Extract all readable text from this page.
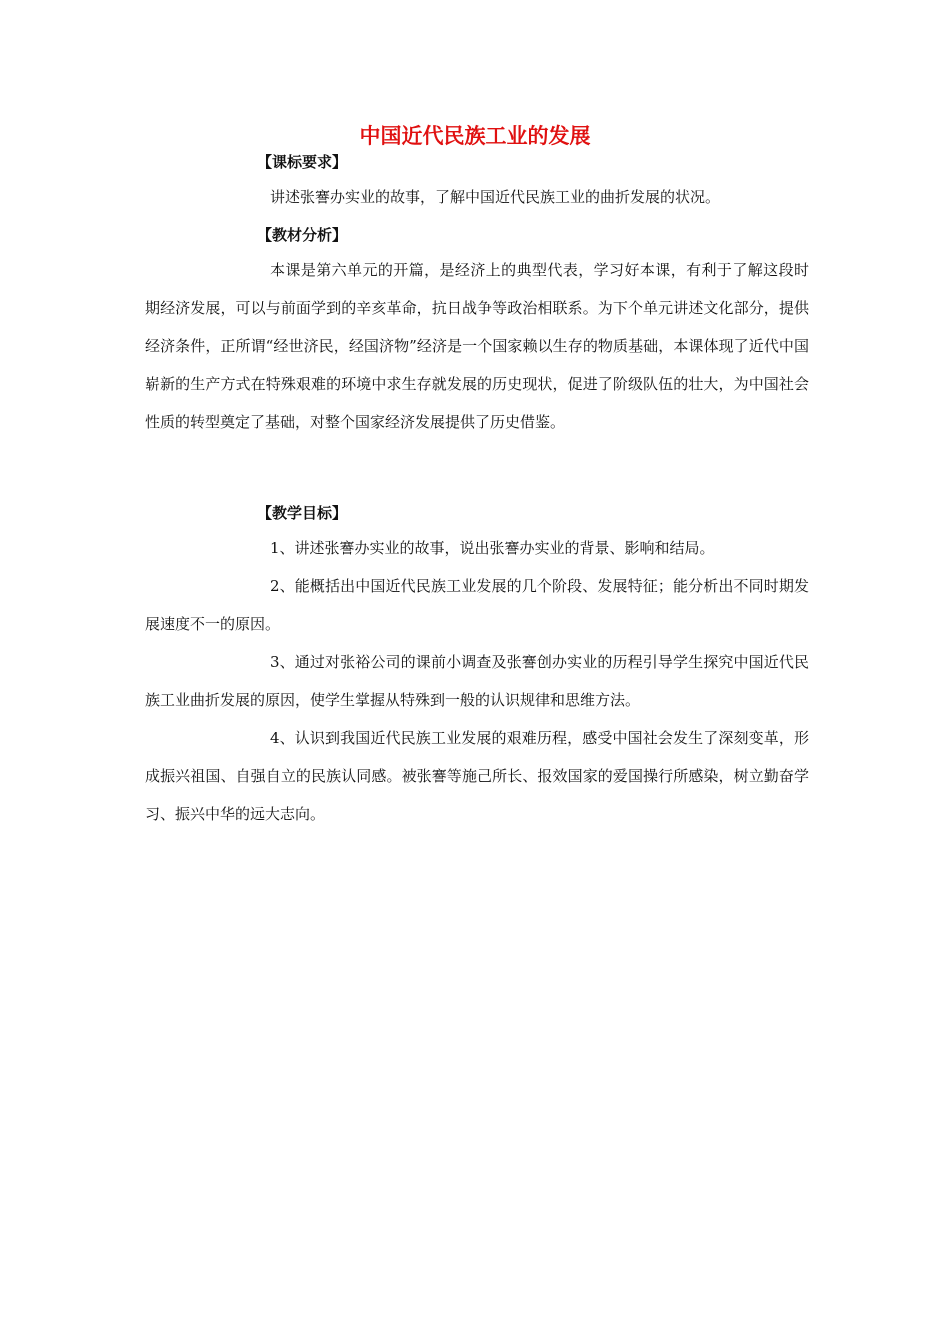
中国近代民族工业的发展
【课标要求】

讲述张謇办实业的故事，了解中国近代民族工业的曲折发展的状况。

【教材分析】

本课是第六单元的开篇，是经济上的典型代表，学习好本课，有利于了解这段时期经济发展，可以与前面学到的辛亥革命，抗日战争等政治相联系。为下个单元讲述文化部分，提供经济条件，正所谓“经世济民，经国济物”经济是一个国家赖以生存的物质基础，本课体现了近代中国崭新的生产方式在特殊艰难的环境中求生存就发展的历史现状，促进了阶级队伍的壮大，为中国社会性质的转型奠定了基础，对整个国家经济发展提供了历史借鉴。

【教学目标】

1、讲述张謇办实业的故事，说出张謇办实业的背景、影响和结局。

2、能概括出中国近代民族工业发展的几个阶段、发展特征；能分析出不同时期发展速度不一的原因。

3、通过对张裕公司的课前小调查及张謇创办实业的历程引导学生探究中国近代民族工业曲折发展的原因，使学生掌握从特殊到一般的认识规律和思维方法。

4、认识到我国近代民族工业发展的艰难历程，感受中国社会发生了深刻变革，形成振兴祖国、自强自立的民族认同感。被张謇等施己所长、报效国家的爱国操行所感染，树立勤奋学习、振兴中华的远大志向。
